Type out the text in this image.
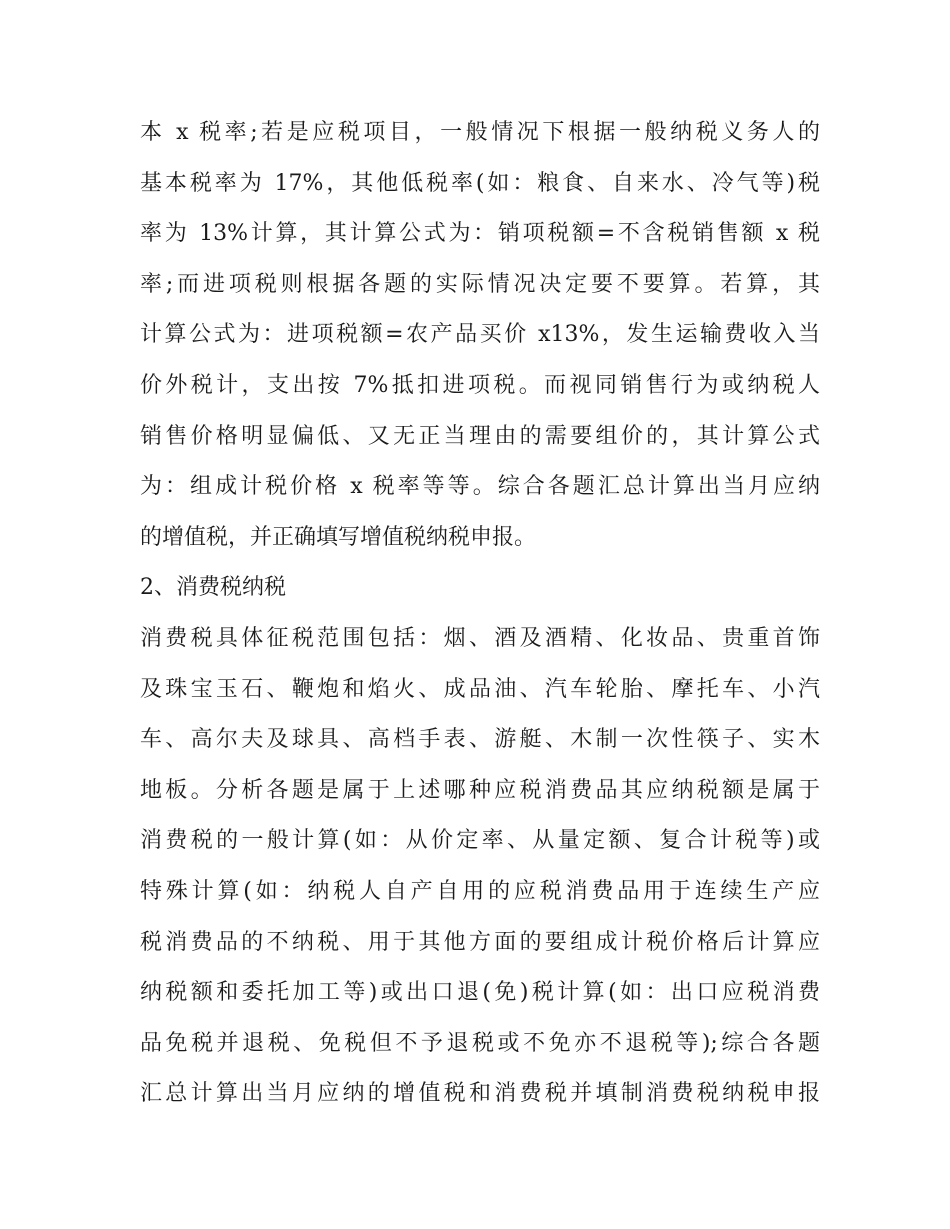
本 x 税率;若是应税项目，一般情况下根据一般纳税义务人的
基本税率为 17%，其他低税率(如：粮食、自来水、冷气等)税
率为 13%计算，其计算公式为：销项税额=不含税销售额 x 税
率;而进项税则根据各题的实际情况决定要不要算。若算，其
计算公式为：进项税额=农产品买价 x13%，发生运输费收入当
价外税计，支出按 7%抵扣进项税。而视同销售行为或纳税人
销售价格明显偏低、又无正当理由的需要组价的，其计算公式
为：组成计税价格 x 税率等等。综合各题汇总计算出当月应纳
的增值税，并正确填写增值税纳税申报。
2、消费税纳税
消费税具体征税范围包括：烟、酒及酒精、化妆品、贵重首饰
及珠宝玉石、鞭炮和焰火、成品油、汽车轮胎、摩托车、小汽
车、高尔夫及球具、高档手表、游艇、木制一次性筷子、实木
地板。分析各题是属于上述哪种应税消费品其应纳税额是属于
消费税的一般计算(如：从价定率、从量定额、复合计税等)或
特殊计算(如：纳税人自产自用的应税消费品用于连续生产应
税消费品的不纳税、用于其他方面的要组成计税价格后计算应
纳税额和委托加工等)或出口退(免)税计算(如：出口应税消费
品免税并退税、免税但不予退税或不免亦不退税等);综合各题
汇总计算出当月应纳的增值税和消费税并填制消费税纳税申报
